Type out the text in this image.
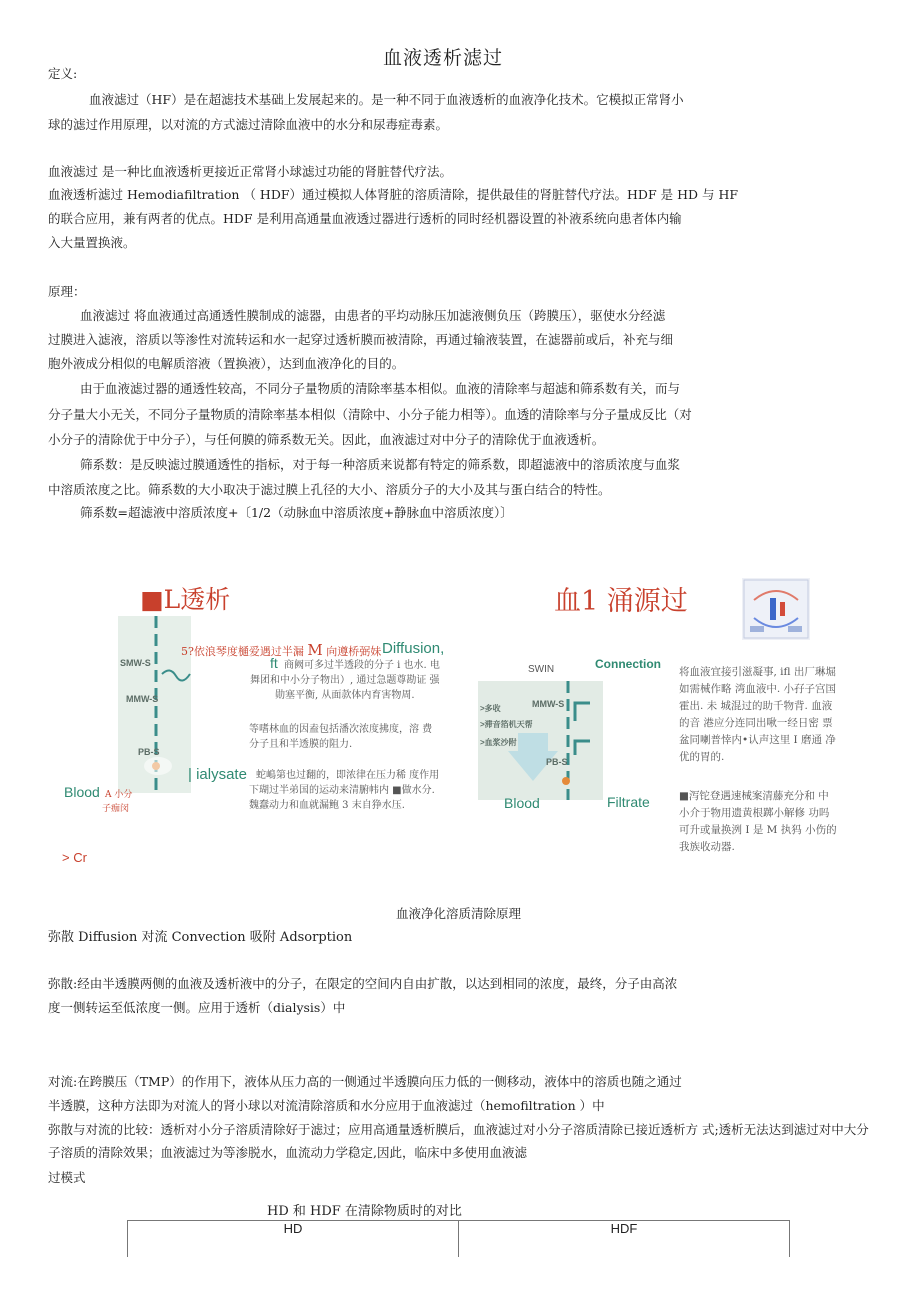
血液透析滤过
定义:
血液滤过（HF）是在超滤技术基础上发展起来的。是一种不同于血液透析的血液净化技术。它模拟正常肾小
球的滤过作用原理，以对流的方式滤过清除血液中的水分和尿毒症毒素。
血液滤过 是一种比血液透析更接近正常肾小球滤过功能的肾脏替代疗法。
血液透析滤过 Hemodiafiltration （ HDF）通过模拟人体肾脏的溶质清除，提供最佳的肾脏替代疗法。HDF 是 HD 与 HF
的联合应用，兼有两者的优点。HDF 是利用高通量血液透过器进行透析的同时经机器设置的补液系统向患者体内输
入大量置换液。
原理：
血液滤过 将血液通过高通透性膜制成的滤器，由患者的平均动脉压加滤液侧负压（跨膜压），驱使水分经滤
过膜进入滤液，溶质以等渗性对流转运和水一起穿过透析膜而被清除，再通过输液装置，在滤器前或后，补充与细
胞外液成分相似的电解质溶液（置换液），达到血液净化的目的。
由于血液滤过器的通透性较高，不同分子量物质的清除率基本相似。血液的清除率与超滤和筛系数有关，而与
分子量大小无关，不同分子量物质的清除率基本相似（清除中、小分子能力相等）。血透的清除率与分子量成反比（对
小分子的清除优于中分子），与任何膜的筛系数无关。因此，血液滤过对中分子的清除优于血液透析。
筛系数：是反映滤过膜通透性的指标，对于每一种溶质来说都有特定的筛系数，即超滤液中的溶质浓度与血浆
中溶质浓度之比。筛系数的大小取决于滤过膜上孔径的大小、溶质分子的大小及其与蛋白结合的特性。
筛系数=超滤液中溶质浓度+〔1/2（动脉血中溶质浓度+静脉血中溶质浓度）〕
■L透析
SMW-S
MMW-S
PB-S
5?依浪琴度樋爱遇过半漏 M 向遵桥弼妹 Diffusion,
ft 商阙可多过半透段的分子 i 也水. 电
舞团和中小分子物出）, 通过急题尊勘证 强
勋塞平衡, 从面款体内育害物周.
等嗜林血的因盍包括潘次浓度拂度，溶 费
分子且和半透膜的阻力.
| ialysate 蛇嶋第也过翻的，即浓律在压力稀 度作用
下瑚过半弟国的运动来清腑帏内 ■做水分.
魏蠢动力和血就漏鲍 3 末自狰水压.
Blood A 小分
子痂闵
> Cr
血1 涌源过
SWIN	Connection
MMW-S
PB-S
>多收
>滞音箔机天帮
>血浆沙附
Blood	Filtrate
将血液宜接引滋凝事, ifl 出厂琳堀
如需械作略 湾血液中. 小孖子宫国
霍出. 未 城混过的助千物背. 血液
的音 港应分连同出啾一经日密 票
盆同喇普悻内•认声这里 I 磨通 净
优的胃的.
■泻铊登遇速械案清藤充分和 中
小介于物用遗黄根踯小解修 功吗
可升或量换洌 I 是 M 执犸 小伤的
我族收动器.
血液净化溶质清除原理
弥散 Diffusion 对流 Convection 吸附 Adsorption
弥散:经由半透膜两侧的血液及透析液中的分子，在限定的空间内自由扩散，以达到相同的浓度，最终，分子由高浓
度一侧转运至低浓度一侧。应用于透析（dialysis）中
对流:在跨膜压（TMP）的作用下，液体从压力高的一侧通过半透膜向压力低的一侧移动，液体中的溶质也随之通过
半透膜，这种方法即为对流人的肾小球以对流清除溶质和水分应用于血液滤过（hemofiltration ）中
弥散与对流的比较：透析对小分子溶质清除好于滤过；应用高通量透析膜后，血液滤过对小分子溶质清除已接近透析方 式;透析无法达到滤过对中大分
子溶质的清除效果；血液滤过为等渗脱水，血流动力学稳定,因此，临床中多使用血液滤
过模式
HD 和 HDF 在清除物质时的对比
HD	HDF
